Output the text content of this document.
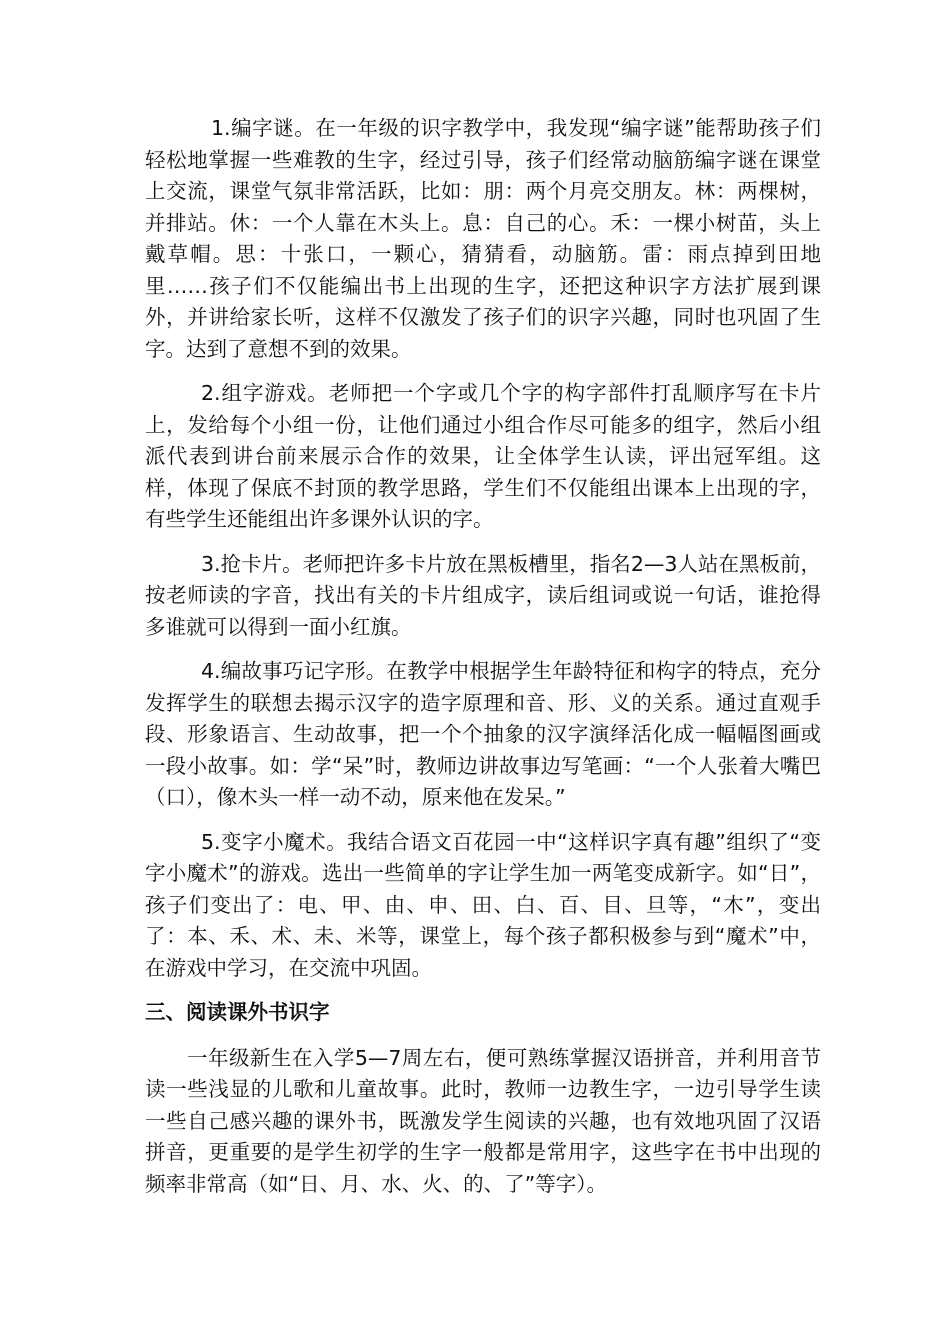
1.编字谜。在一年级的识字教学中，我发现“编字谜”能帮助孩子们轻松地掌握一些难教的生字，经过引导，孩子们经常动脑筋编字谜在课堂上交流，课堂气氛非常活跃，比如：朋：两个月亮交朋友。林：两棵树，并排站。休：一个人靠在木头上。息：自己的心。禾：一棵小树苗，头上戴草帽。思：十张口，一颗心，猜猜看，动脑筋。雷：雨点掉到田地里……孩子们不仅能编出书上出现的生字，还把这种识字方法扩展到课外，并讲给家长听，这样不仅激发了孩子们的识字兴趣，同时也巩固了生字。达到了意想不到的效果。

2.组字游戏。老师把一个字或几个字的构字部件打乱顺序写在卡片上，发给每个小组一份，让他们通过小组合作尽可能多的组字，然后小组派代表到讲台前来展示合作的效果，让全体学生认读，评出冠军组。这样，体现了保底不封顶的教学思路，学生们不仅能组出课本上出现的字，有些学生还能组出许多课外认识的字。

3.抢卡片。老师把许多卡片放在黑板槽里，指名2—3人站在黑板前，按老师读的字音，找出有关的卡片组成字，读后组词或说一句话，谁抢得多谁就可以得到一面小红旗。

4.编故事巧记字形。在教学中根据学生年龄特征和构字的特点，充分发挥学生的联想去揭示汉字的造字原理和音、形、义的关系。通过直观手段、形象语言、生动故事，把一个个抽象的汉字演绎活化成一幅幅图画或一段小故事。如：学“呆”时，教师边讲故事边写笔画：“一个人张着大嘴巴（口），像木头一样一动不动，原来他在发呆。”

5.变字小魔术。我结合语文百花园一中“这样识字真有趣”组织了“变字小魔术”的游戏。选出一些简单的字让学生加一两笔变成新字。如“日”，孩子们变出了：电、甲、由、申、田、白、百、目、旦等，“木”，变出了：本、禾、术、未、米等，课堂上，每个孩子都积极参与到“魔术”中，在游戏中学习，在交流中巩固。

三、阅读课外书识字

一年级新生在入学5—7周左右，便可熟练掌握汉语拼音，并利用音节读一些浅显的儿歌和儿童故事。此时，教师一边教生字，一边引导学生读一些自己感兴趣的课外书，既激发学生阅读的兴趣，也有效地巩固了汉语拼音，更重要的是学生初学的生字一般都是常用字，这些字在书中出现的频率非常高（如“日、月、水、火、的、了”等字）。
